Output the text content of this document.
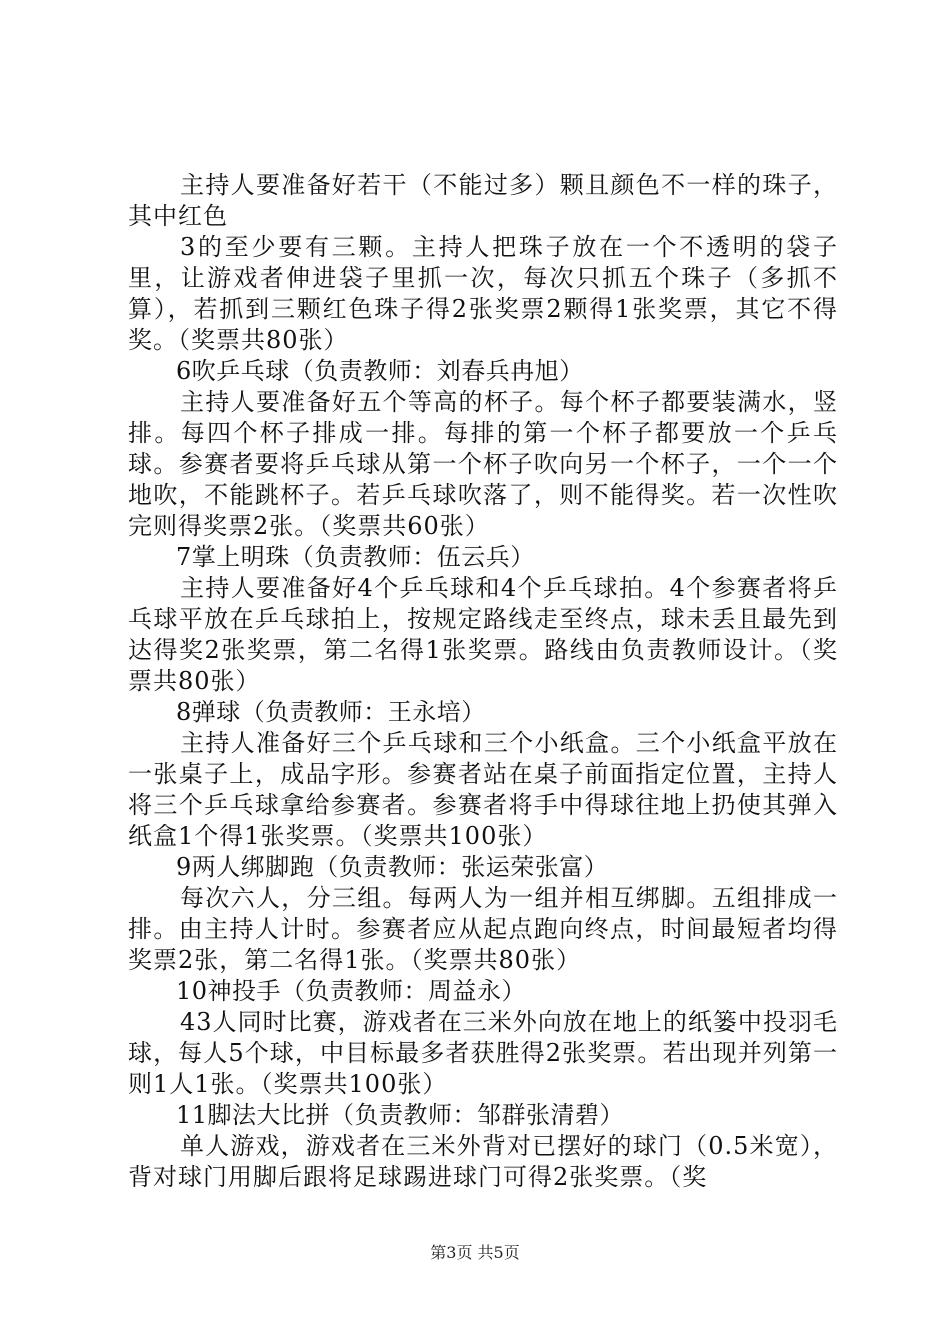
主持人要准备好若干（不能过多）颗且颜色不一样的珠子，其中红色

3的至少要有三颗。主持人把珠子放在一个不透明的袋子里，让游戏者伸进袋子里抓一次，每次只抓五个珠子（多抓不算），若抓到三颗红色珠子得2张奖票2颗得1张奖票，其它不得奖。（奖票共80张）

6吹乒乓球（负责教师：刘春兵冉旭）

主持人要准备好五个等高的杯子。每个杯子都要装满水，竖排。每四个杯子排成一排。每排的第一个杯子都要放一个乒乓球。参赛者要将乒乓球从第一个杯子吹向另一个杯子，一个一个地吹，不能跳杯子。若乒乓球吹落了，则不能得奖。若一次性吹完则得奖票2张。（奖票共60张）

7掌上明珠（负责教师：伍云兵）

主持人要准备好4个乒乓球和4个乒乓球拍。4个参赛者将乒乓球平放在乒乓球拍上，按规定路线走至终点，球未丢且最先到达得奖2张奖票，第二名得1张奖票。路线由负责教师设计。（奖票共80张）

8弹球（负责教师：王永培）

主持人准备好三个乒乓球和三个小纸盒。三个小纸盒平放在一张桌子上，成品字形。参赛者站在桌子前面指定位置，主持人将三个乒乓球拿给参赛者。参赛者将手中得球往地上扔使其弹入纸盒1个得1张奖票。（奖票共100张）

9两人绑脚跑（负责教师：张运荣张富）

每次六人，分三组。每两人为一组并相互绑脚。五组排成一排。由主持人计时。参赛者应从起点跑向终点，时间最短者均得奖票2张，第二名得1张。（奖票共80张）

10神投手（负责教师：周益永）

43人同时比赛，游戏者在三米外向放在地上的纸篓中投羽毛球，每人5个球，中目标最多者获胜得2张奖票。若出现并列第一则1人1张。（奖票共100张）

11脚法大比拼（负责教师：邹群张清碧）

单人游戏，游戏者在三米外背对已摆好的球门（0.5米宽），背对球门用脚后跟将足球踢进球门可得2张奖票。（奖

第3页 共5页
